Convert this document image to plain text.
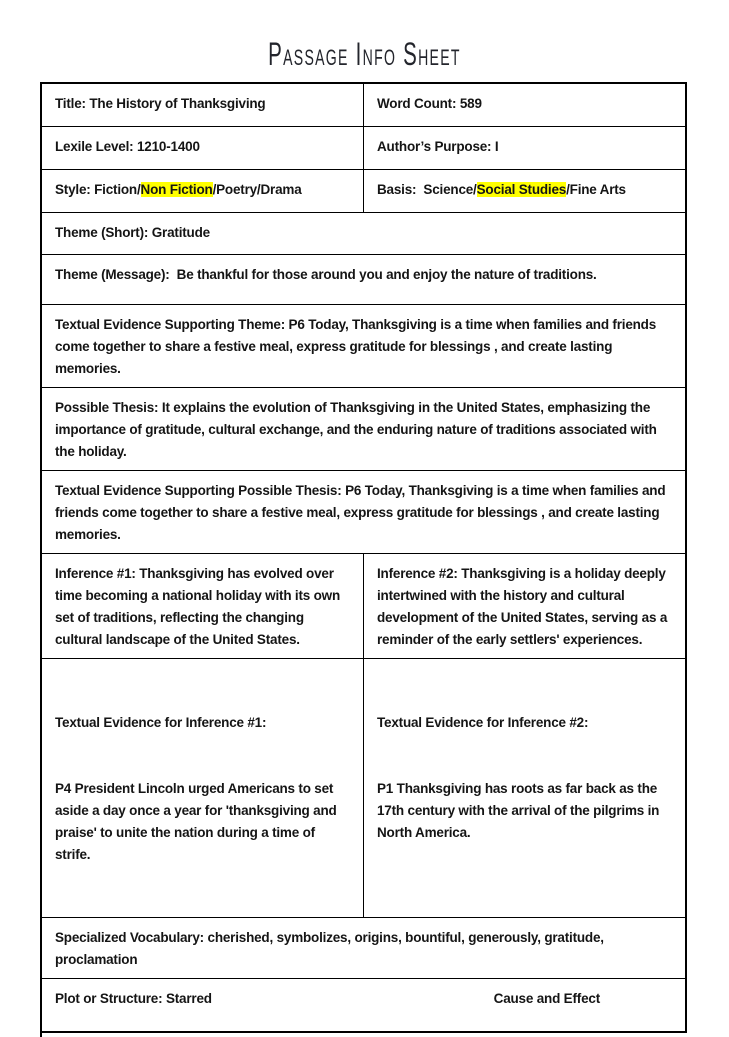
Passage Info Sheet
Title: The History of Thanksgiving	Word Count: 589
Lexile Level: 1210-1400	Author’s Purpose: I
Style: Fiction/Non Fiction/Poetry/Drama	Basis:  Science/Social Studies/Fine Arts
Theme (Short): Gratitude
Theme (Message):  Be thankful for those around you and enjoy the nature of traditions.
Textual Evidence Supporting Theme: P6 Today, Thanksgiving is a time when families and friends come together to share a festive meal, express gratitude for blessings , and create lasting memories.
Possible Thesis: It explains the evolution of Thanksgiving in the United States, emphasizing the importance of gratitude, cultural exchange, and the enduring nature of traditions associated with the holiday.
Textual Evidence Supporting Possible Thesis: P6 Today, Thanksgiving is a time when families and friends come together to share a festive meal, express gratitude for blessings , and create lasting memories.
Inference #1: Thanksgiving has evolved over time becoming a national holiday with its own set of traditions, reflecting the changing cultural landscape of the United States.
Inference #2: Thanksgiving is a holiday deeply intertwined with the history and cultural development of the United States, serving as a reminder of the early settlers' experiences.

Textual Evidence for Inference #1:

P4 President Lincoln urged Americans to set aside a day once a year for 'thanksgiving and praise' to unite the nation during a time of strife.

Textual Evidence for Inference #2:

P1 Thanksgiving has roots as far back as the 17th century with the arrival of the pilgrims in North America.

Specialized Vocabulary: cherished, symbolizes, origins, bountiful, generously, gratitude, proclamation
Plot or Structure: Starred	Cause and Effect
